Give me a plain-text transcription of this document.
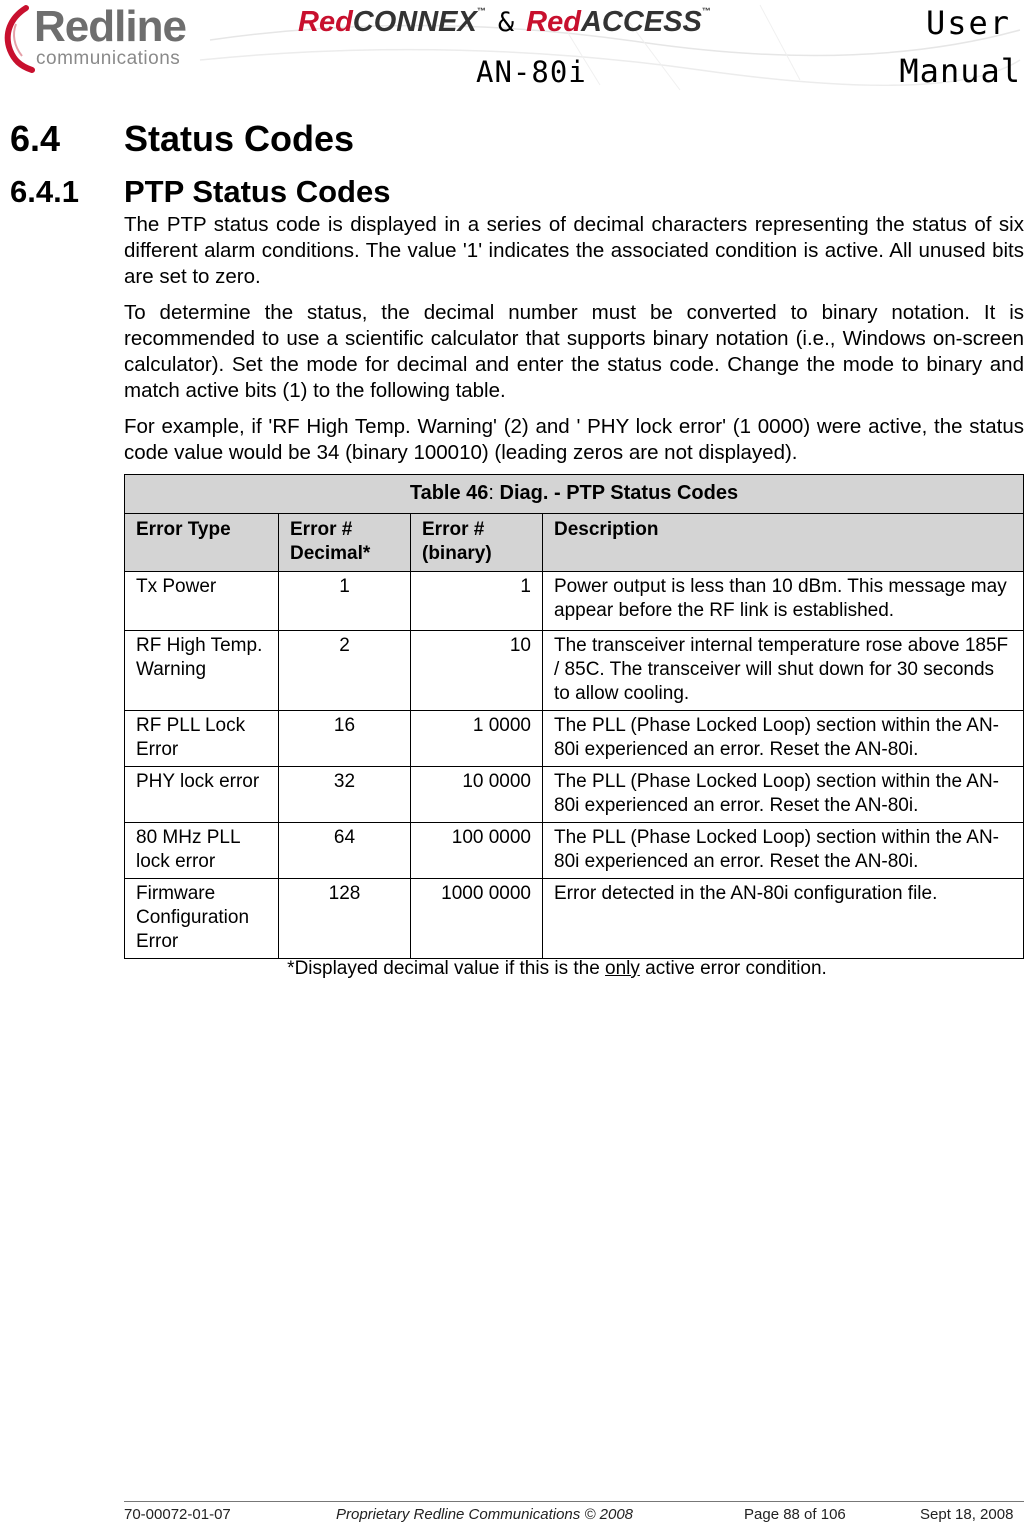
Redline
communications
RedCONNEX™ & RedACCESS™
AN-80i
User
Manual
6.4 Status Codes
6.4.1 PTP Status Codes

The PTP status code is displayed in a series of decimal characters representing the status of six different alarm conditions. The value '1' indicates the associated condition is active. All unused bits are set to zero.

To determine the status, the decimal number must be converted to binary notation. It is recommended to use a scientific calculator that supports binary notation (i.e., Windows on-screen calculator). Set the mode for decimal and enter the status code. Change the mode to binary and match active bits (1) to the following table.

For example, if 'RF High Temp. Warning' (2) and ' PHY lock error' (1 0000) were active, the status code value would be 34 (binary 100010) (leading zeros are not displayed).

Table 46: Diag. - PTP Status Codes			
Error Type	Error # Decimal*	Error # (binary)	Description
Tx Power	1	1	Power output is less than 10 dBm. This message may appear before the RF link is established.
RF High Temp. Warning	2	10	The transceiver internal temperature rose above 185F / 85C. The transceiver will shut down for 30 seconds to allow cooling.
RF PLL Lock Error	16	1 0000	The PLL (Phase Locked Loop) section within the AN-80i experienced an error. Reset the AN-80i.
PHY lock error	32	10 0000	The PLL (Phase Locked Loop) section within the AN-80i experienced an error. Reset the AN-80i.
80 MHz PLL lock error	64	100 0000	The PLL (Phase Locked Loop) section within the AN-80i experienced an error. Reset the AN-80i.
Firmware Configuration Error	128	1000 0000	Error detected in the AN-80i configuration file.
*Displayed decimal value if this is the only active error condition.
70-00072-01-07	Proprietary Redline Communications © 2008	Page 88 of 106	Sept 18, 2008
